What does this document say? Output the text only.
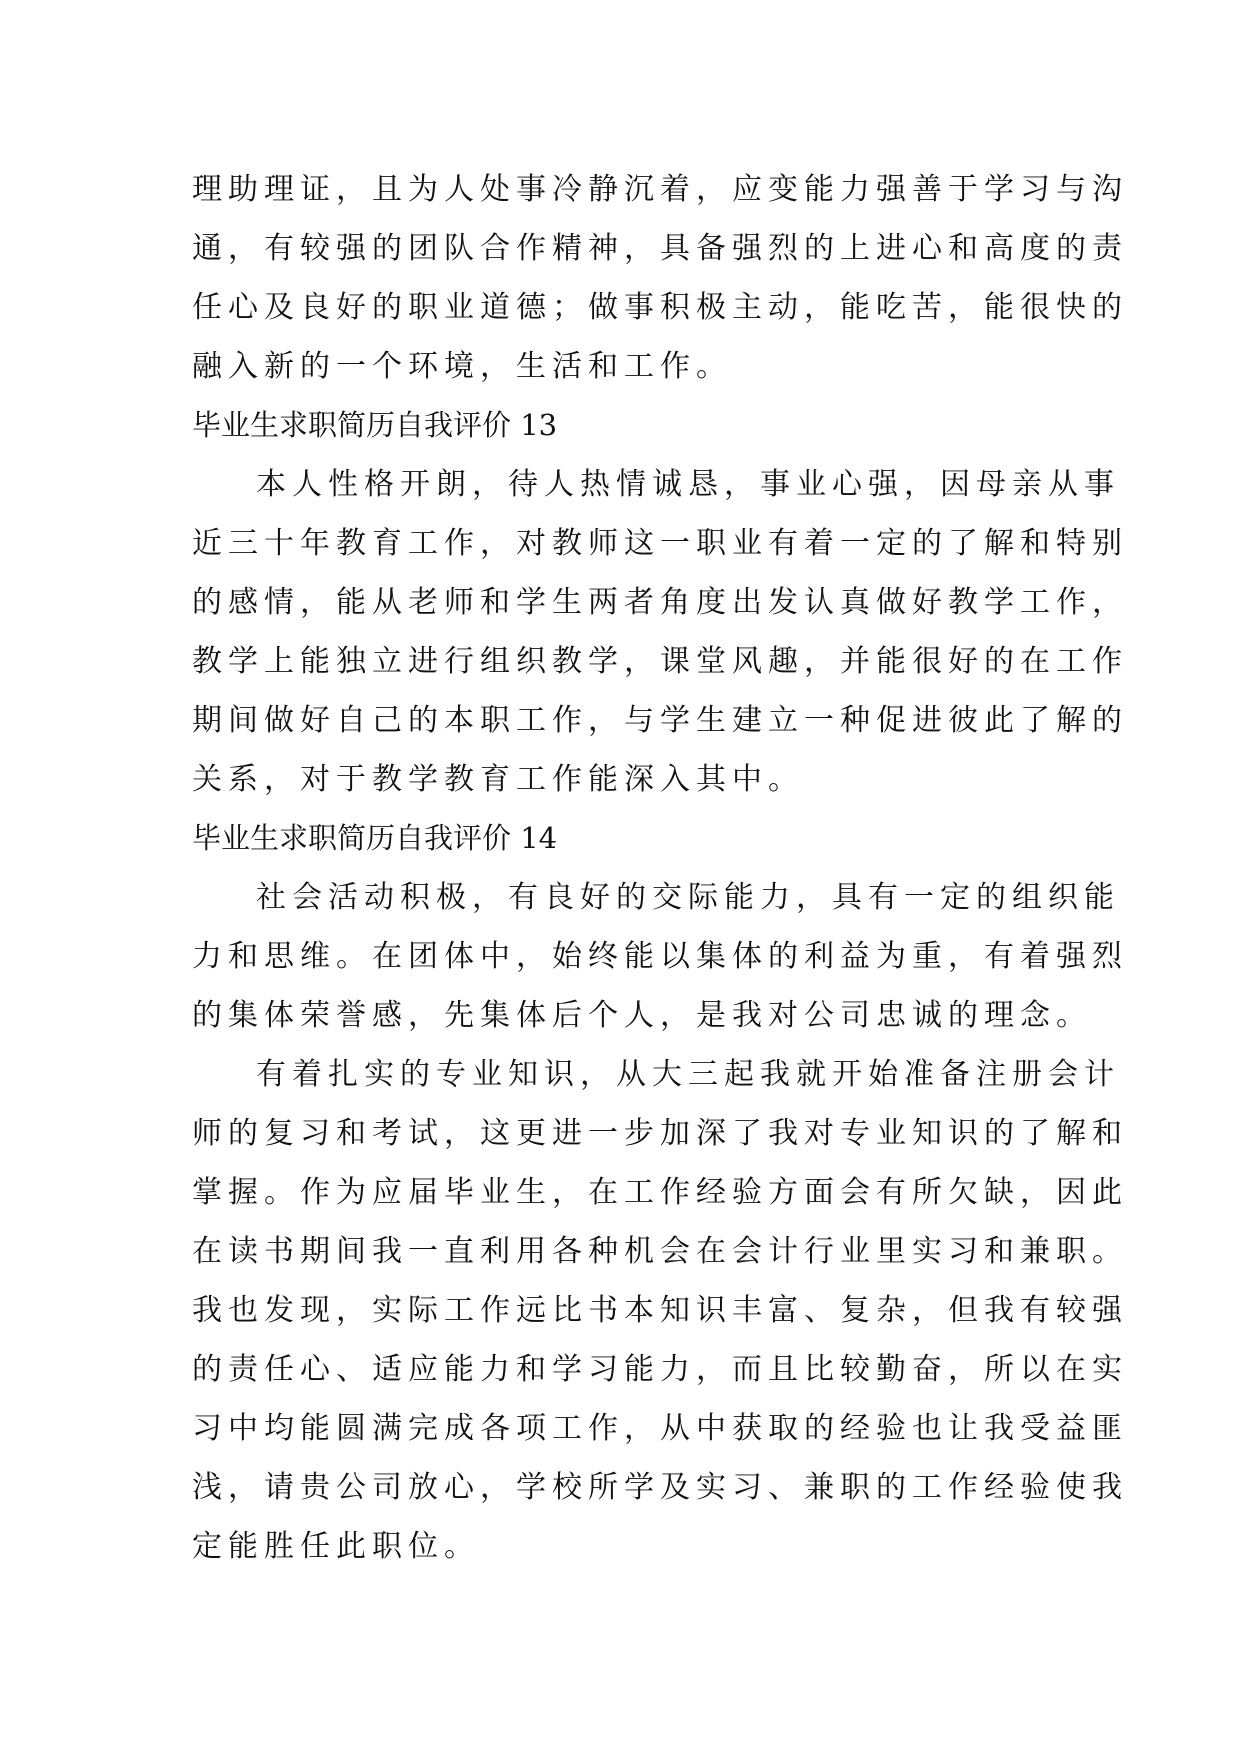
理助理证，且为人处事冷静沉着，应变能力强善于学习与沟
通，有较强的团队合作精神，具备强烈的上进心和高度的责
任心及良好的职业道德；做事积极主动，能吃苦，能很快的
融入新的一个环境，生活和工作。
毕业生求职简历自我评价 13
本人性格开朗，待人热情诚恳，事业心强，因母亲从事
近三十年教育工作，对教师这一职业有着一定的了解和特别
的感情，能从老师和学生两者角度出发认真做好教学工作，
教学上能独立进行组织教学，课堂风趣，并能很好的在工作
期间做好自己的本职工作，与学生建立一种促进彼此了解的
关系，对于教学教育工作能深入其中。
毕业生求职简历自我评价 14
社会活动积极，有良好的交际能力，具有一定的组织能
力和思维。在团体中，始终能以集体的利益为重，有着强烈
的集体荣誉感，先集体后个人，是我对公司忠诚的理念。
有着扎实的专业知识，从大三起我就开始准备注册会计
师的复习和考试，这更进一步加深了我对专业知识的了解和
掌握。作为应届毕业生，在工作经验方面会有所欠缺，因此
在读书期间我一直利用各种机会在会计行业里实习和兼职。
我也发现，实际工作远比书本知识丰富、复杂，但我有较强
的责任心、适应能力和学习能力，而且比较勤奋，所以在实
习中均能圆满完成各项工作，从中获取的经验也让我受益匪
浅，请贵公司放心，学校所学及实习、兼职的工作经验使我
定能胜任此职位。
